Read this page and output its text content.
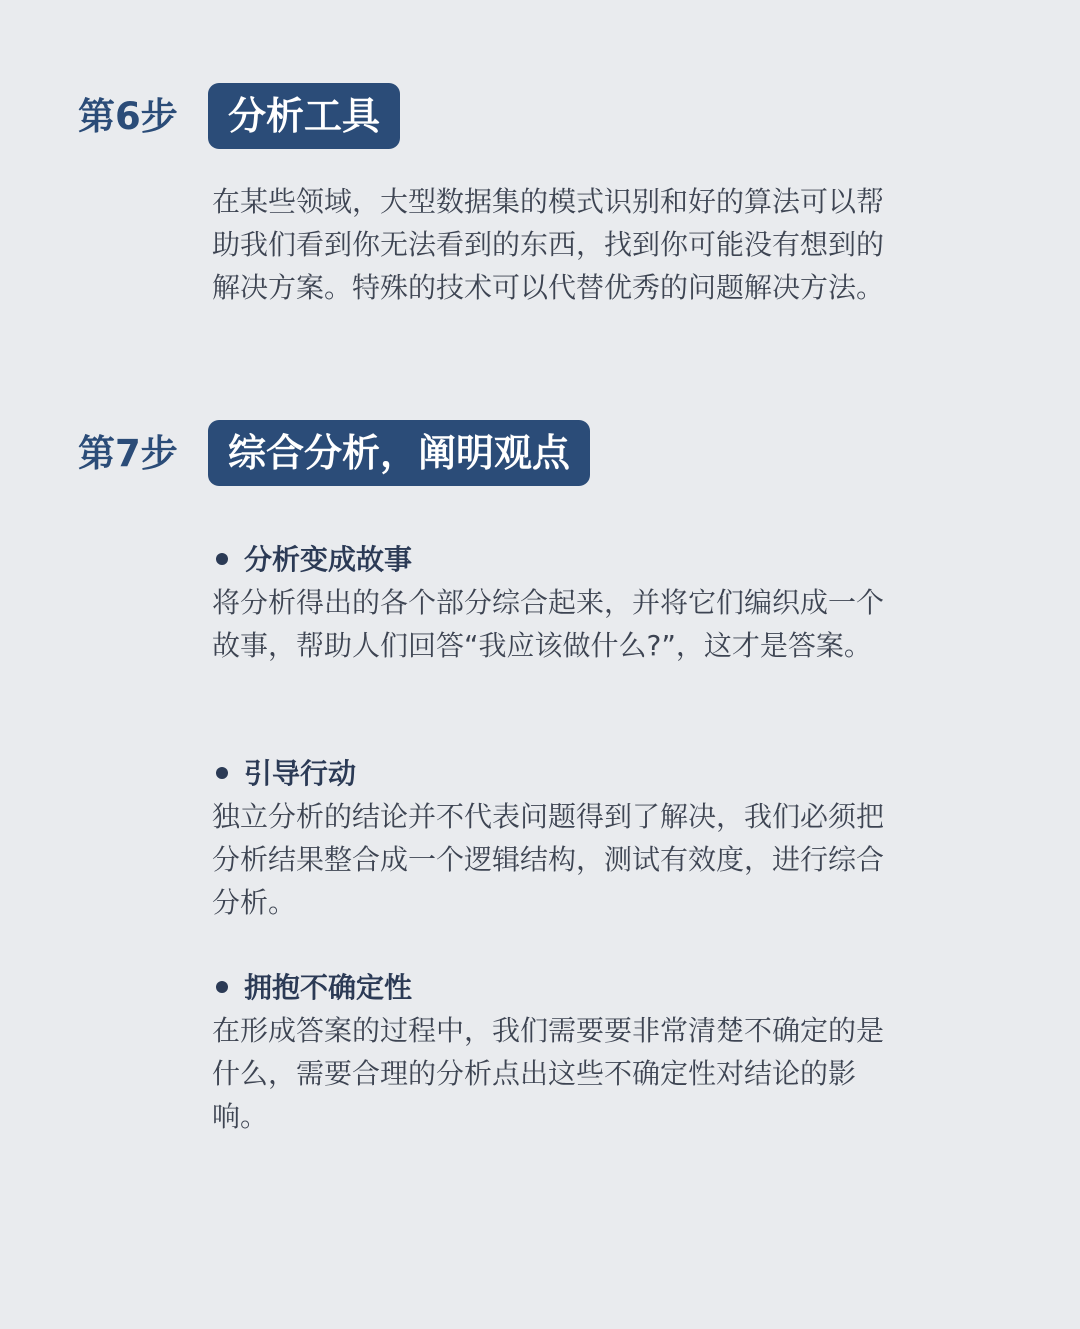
第6步	分析工具

在某些领域，大型数据集的模式识别和好的算法可以帮助我们看到你无法看到的东西，找到你可能没有想到的解决方案。特殊的技术可以代替优秀的问题解决方法。

第7步	综合分析，阐明观点
分析变成故事

将分析得出的各个部分综合起来，并将它们编织成一个故事，帮助人们回答“我应该做什么?”，这才是答案。

引导行动

独立分析的结论并不代表问题得到了解决，我们必须把分析结果整合成一个逻辑结构，测试有效度，进行综合分析。

拥抱不确定性

在形成答案的过程中，我们需要要非常清楚不确定的是什么，需要合理的分析点出这些不确定性对结论的影响。
